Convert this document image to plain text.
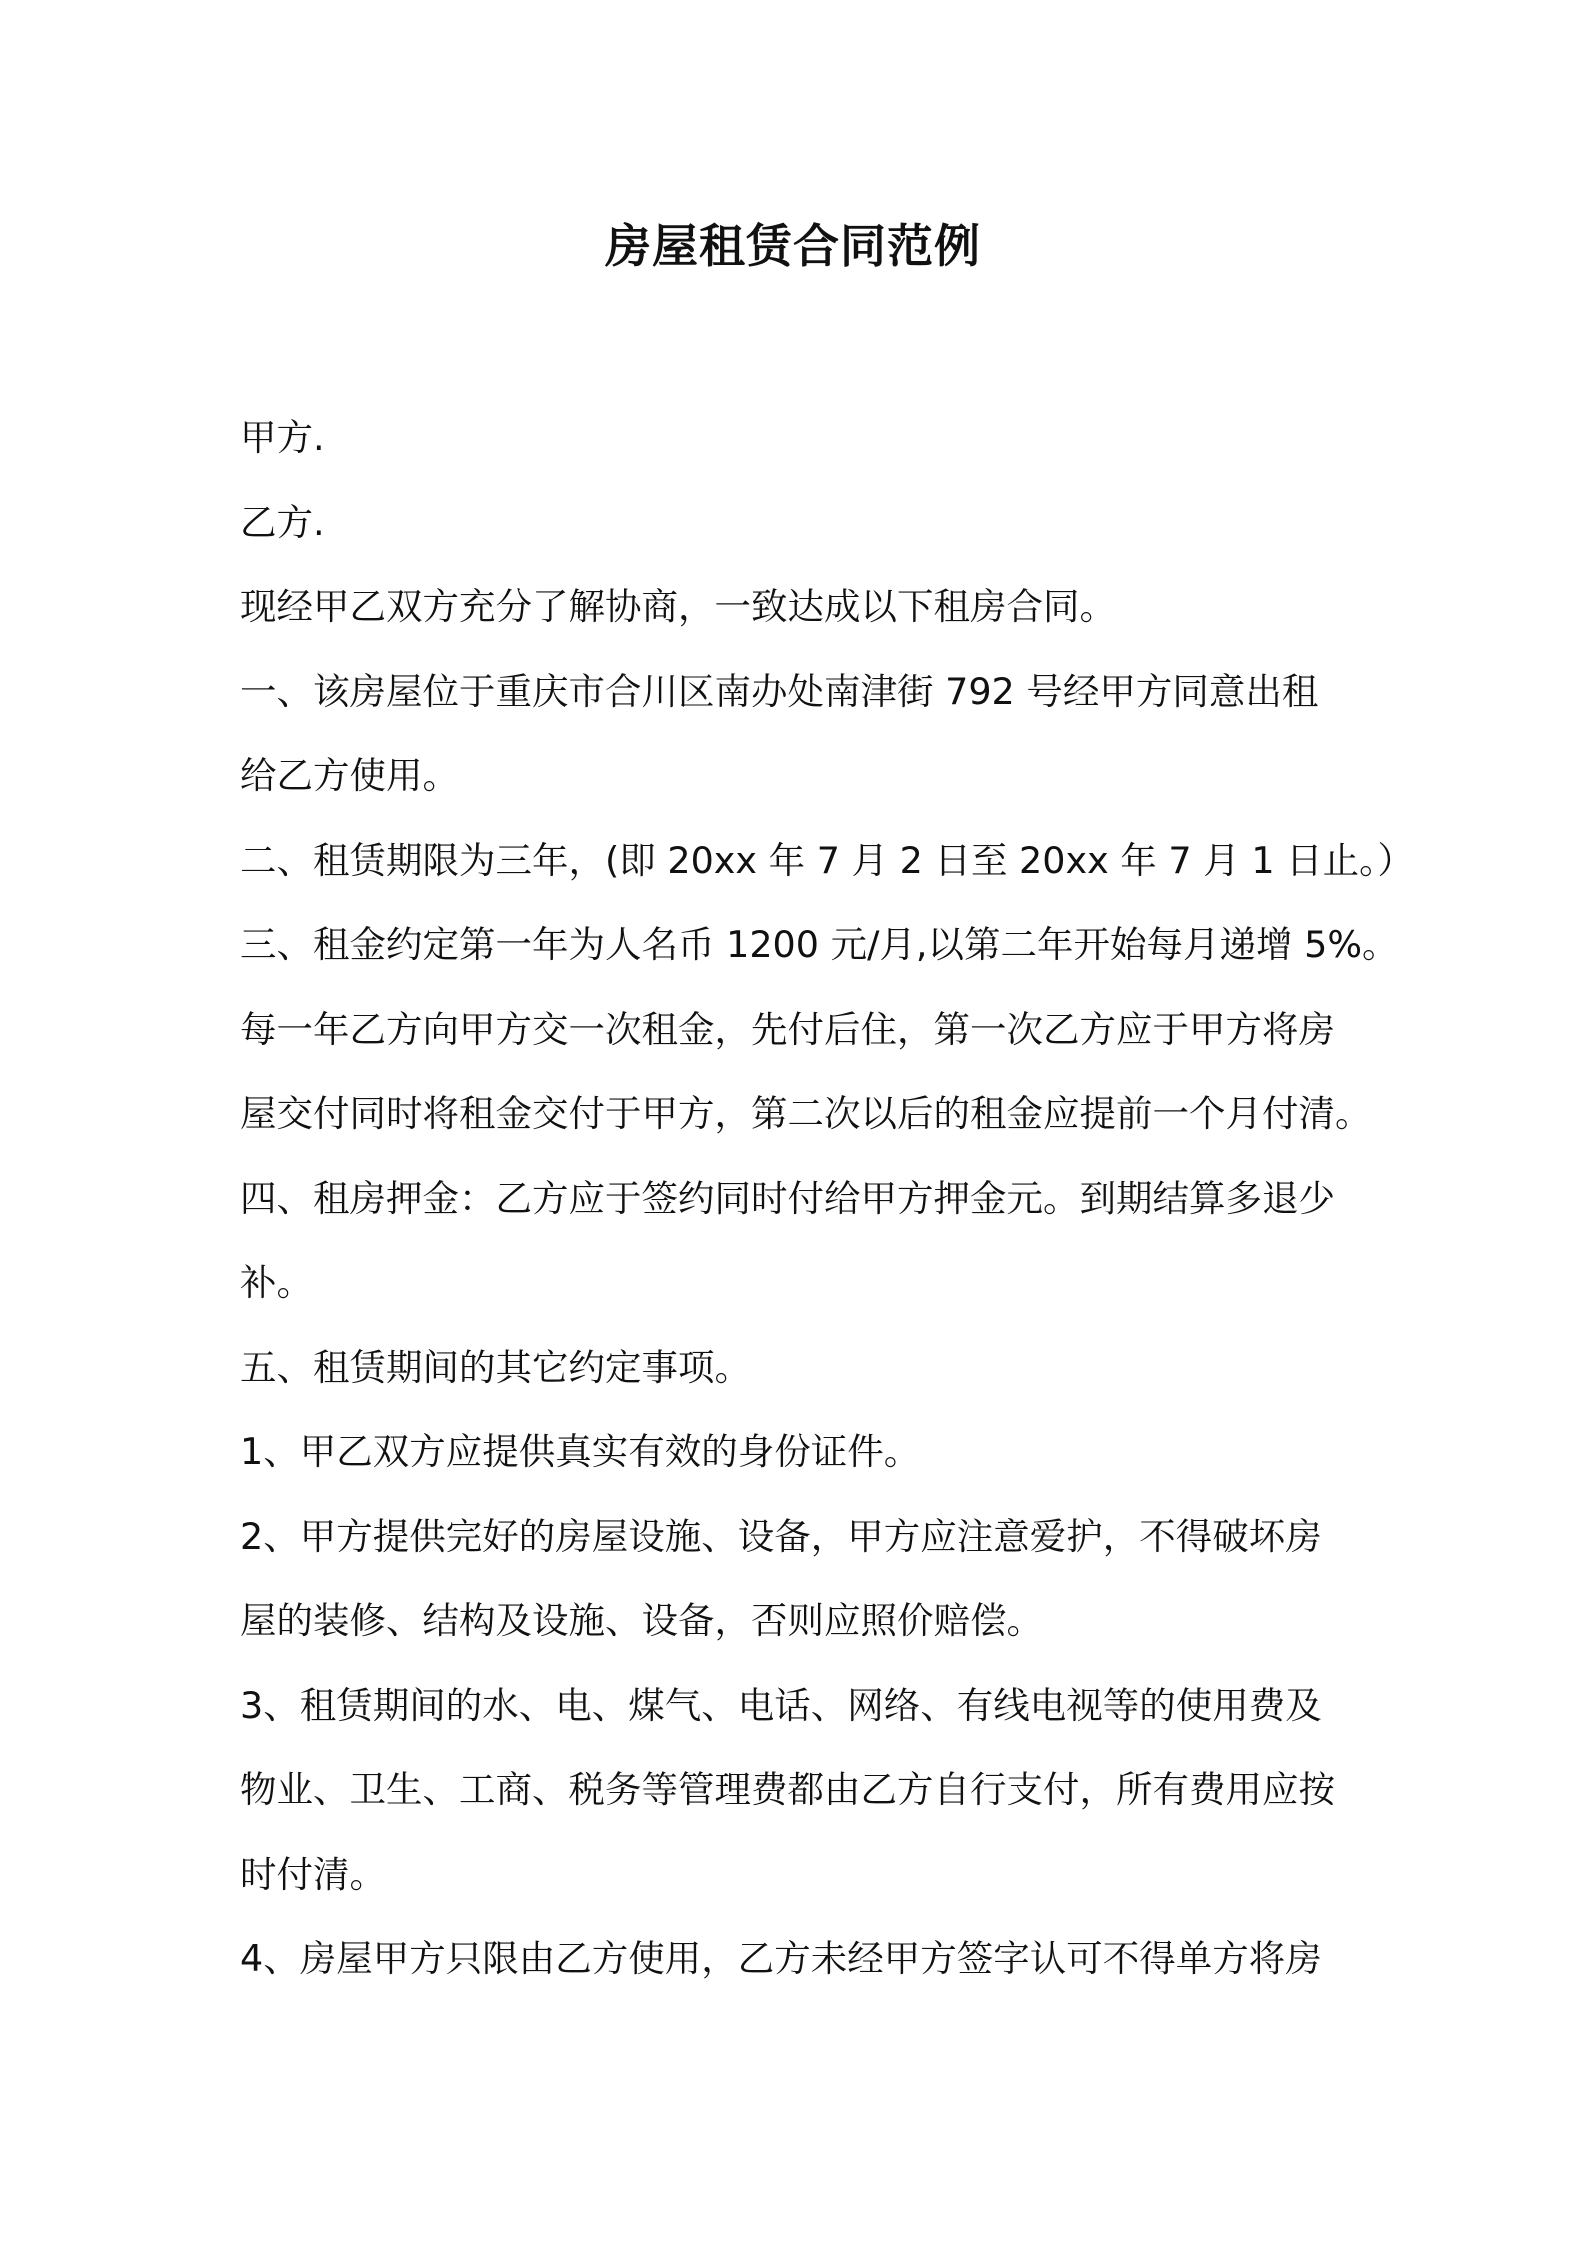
房屋租赁合同范例

甲方.

乙方.

现经甲乙双方充分了解协商，一致达成以下租房合同。

一、该房屋位于重庆市合川区南办处南津街 792 号经甲方同意出租

给乙方使用。

二、租赁期限为三年，(即 20xx 年 7 月 2 日至 20xx 年 7 月 1 日止。）

三、租金约定第一年为人名币 1200 元/月,以第二年开始每月递增 5%。

每一年乙方向甲方交一次租金，先付后住，第一次乙方应于甲方将房

屋交付同时将租金交付于甲方，第二次以后的租金应提前一个月付清。

四、租房押金：乙方应于签约同时付给甲方押金元。到期结算多退少

补。

五、租赁期间的其它约定事项。

1、甲乙双方应提供真实有效的身份证件。

2、甲方提供完好的房屋设施、设备，甲方应注意爱护，不得破坏房

屋的装修、结构及设施、设备，否则应照价赔偿。

3、租赁期间的水、电、煤气、电话、网络、有线电视等的使用费及

物业、卫生、工商、税务等管理费都由乙方自行支付，所有费用应按

时付清。

4、房屋甲方只限由乙方使用，乙方未经甲方签字认可不得单方将房
